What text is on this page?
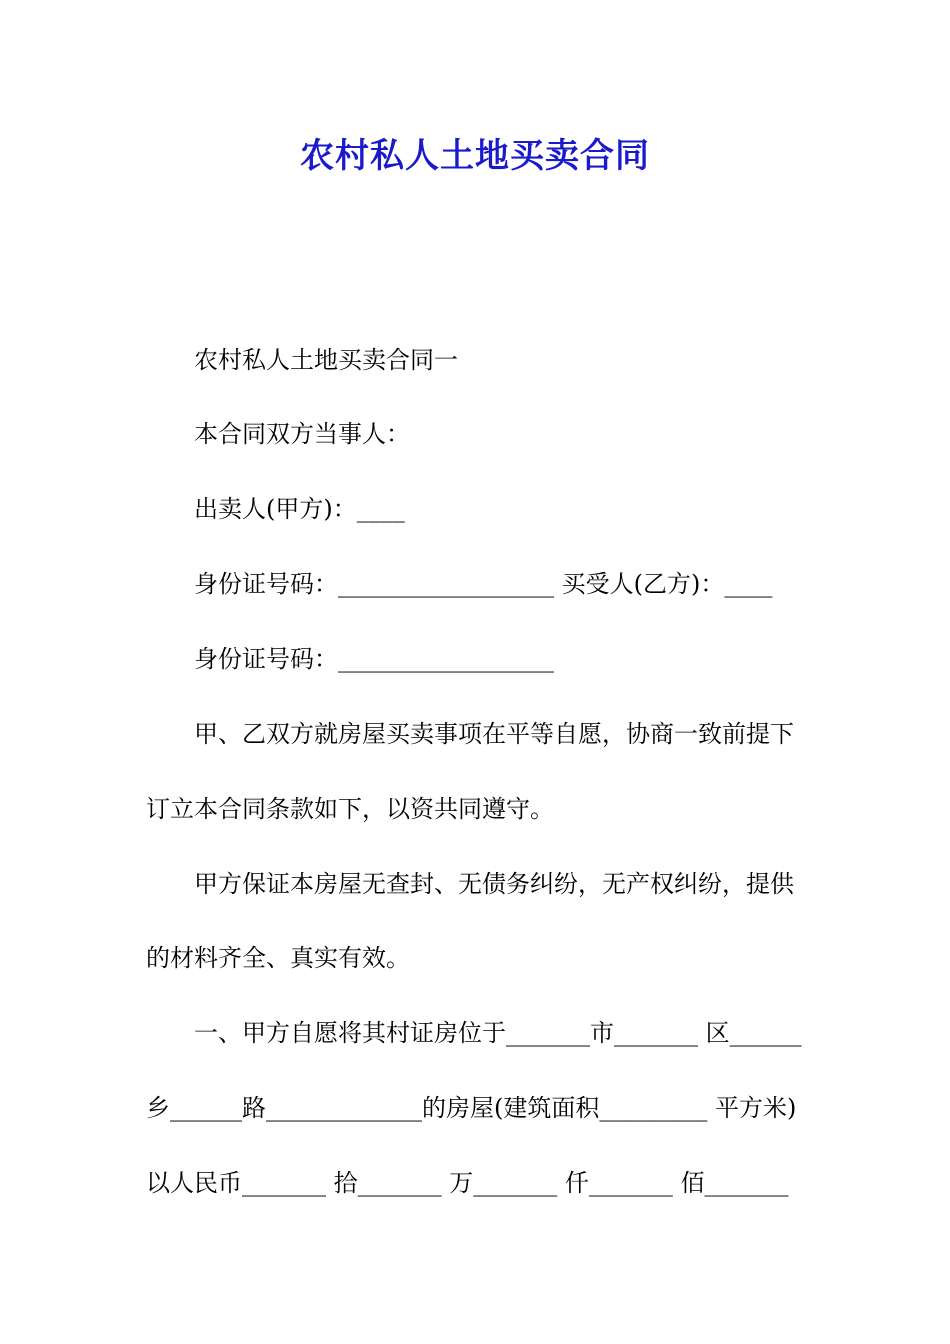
农村私人土地买卖合同
农村私人土地买卖合同一
本合同双方当事人：
出卖人(甲方)：____
身份证号码：__________________ 买受人(乙方)：____
身份证号码：__________________
甲、乙双方就房屋买卖事项在平等自愿，协商一致前提下
订立本合同条款如下，以资共同遵守。
甲方保证本房屋无查封、无债务纠纷，无产权纠纷，提供
的材料齐全、真实有效。
一、甲方自愿将其村证房位于_______市_______ 区______
乡______路_____________的房屋(建筑面积_________ 平方米)
以人民币_______ 拾_______ 万_______ 仟_______ 佰_______
